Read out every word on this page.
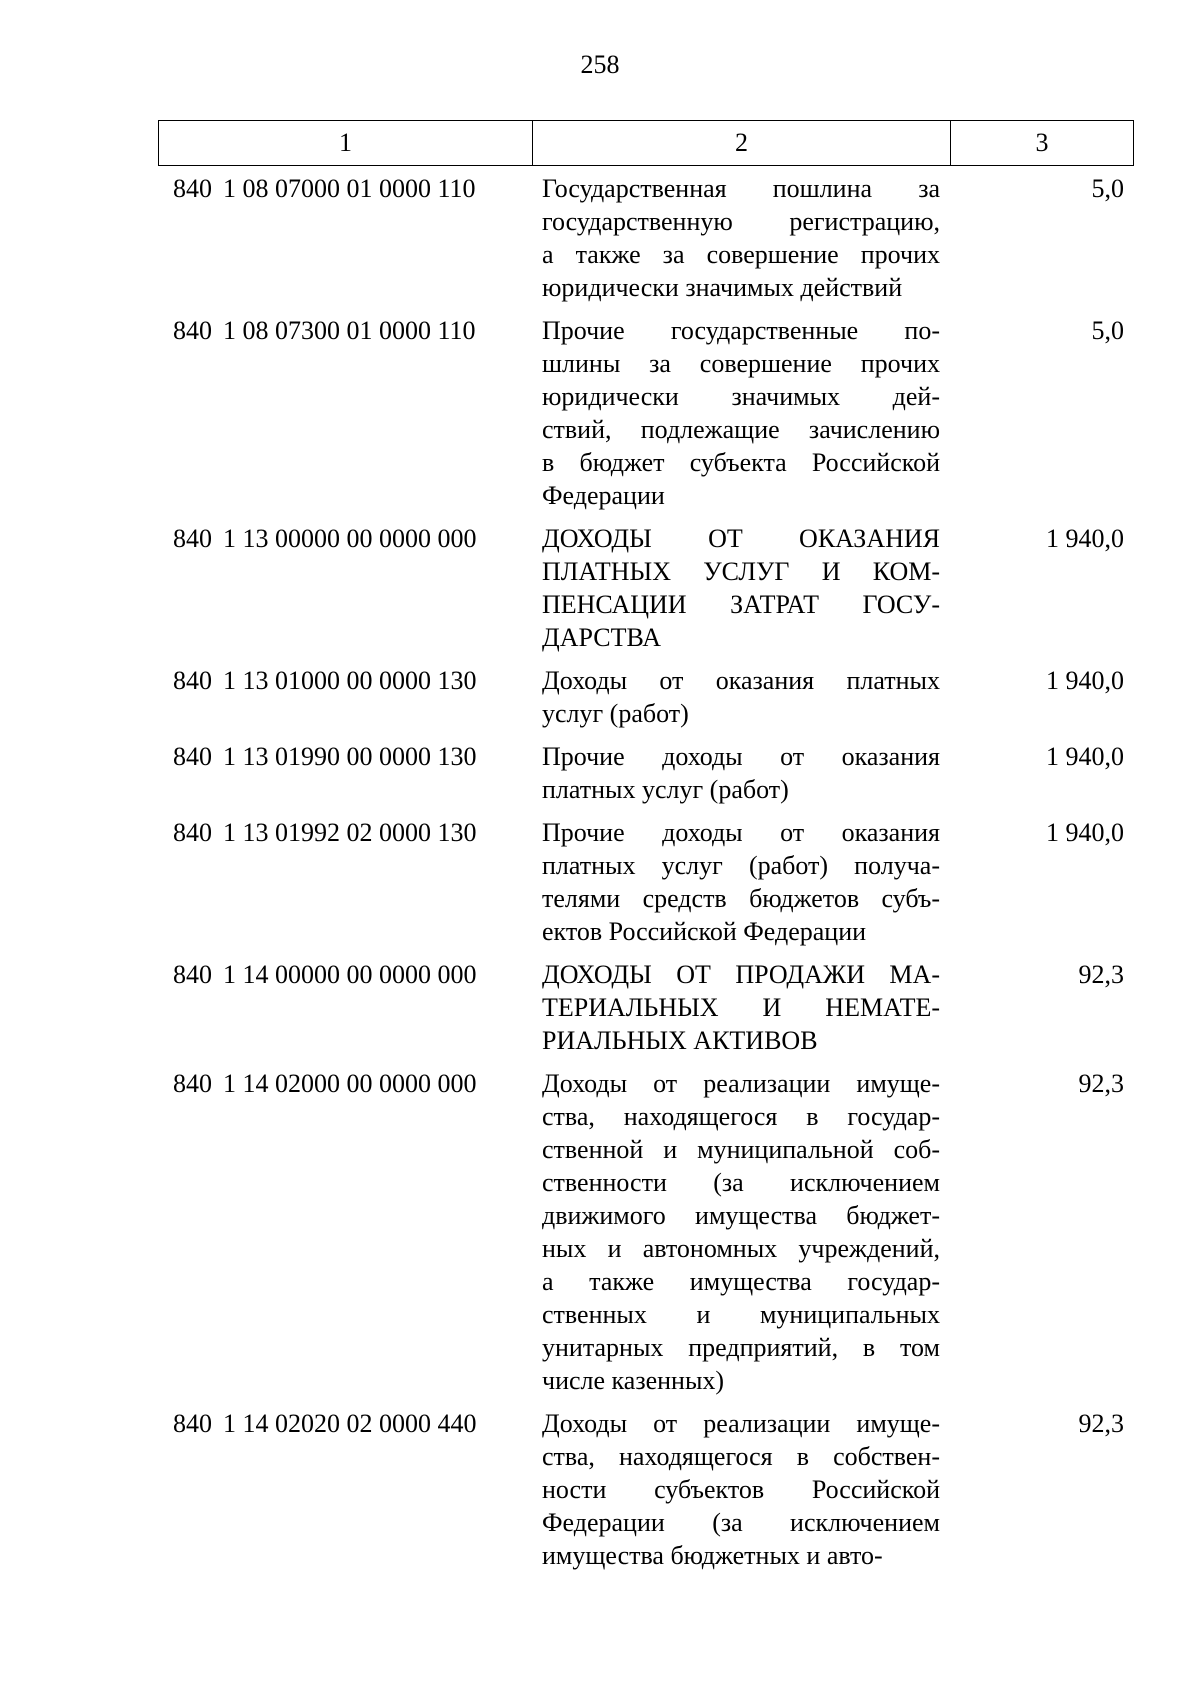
258
1	2	3
840 1 08 07000 01 0000 110	Государственная пошлина за
государственную регистрацию,
а также за совершение прочих
юридически значимых действий
5,0
840 1 08 07300 01 0000 110	Прочие государственные по-
шлины за совершение прочих
юридически значимых дей-
ствий, подлежащие зачислению
в бюджет субъекта Российской
Федерации
5,0
840 1 13 00000 00 0000 000	ДОХОДЫ ОТ ОКАЗАНИЯ
ПЛАТНЫХ УСЛУГ И КОМ-
ПЕНСАЦИИ ЗАТРАТ ГОСУ-
ДАРСТВА
1 940,0
840 1 13 01000 00 0000 130	Доходы от оказания платных
услуг (работ)
1 940,0
840 1 13 01990 00 0000 130	Прочие доходы от оказания
платных услуг (работ)
1 940,0
840 1 13 01992 02 0000 130	Прочие доходы от оказания
платных услуг (работ) получа-
телями средств бюджетов субъ-
ектов Российской Федерации
1 940,0
840 1 14 00000 00 0000 000	ДОХОДЫ ОТ ПРОДАЖИ МА-
ТЕРИАЛЬНЫХ И НЕМАТЕ-
РИАЛЬНЫХ АКТИВОВ
92,3
840 1 14 02000 00 0000 000	Доходы от реализации имуще-
ства, находящегося в государ-
ственной и муниципальной соб-
ственности (за исключением
движимого имущества бюджет-
ных и автономных учреждений,
а также имущества государ-
ственных и муниципальных
унитарных предприятий, в том
числе казенных)
92,3
840 1 14 02020 02 0000 440	Доходы от реализации имуще-
ства, находящегося в собствен-
ности субъектов Российской
Федерации (за исключением
имущества бюджетных и авто-
92,3
